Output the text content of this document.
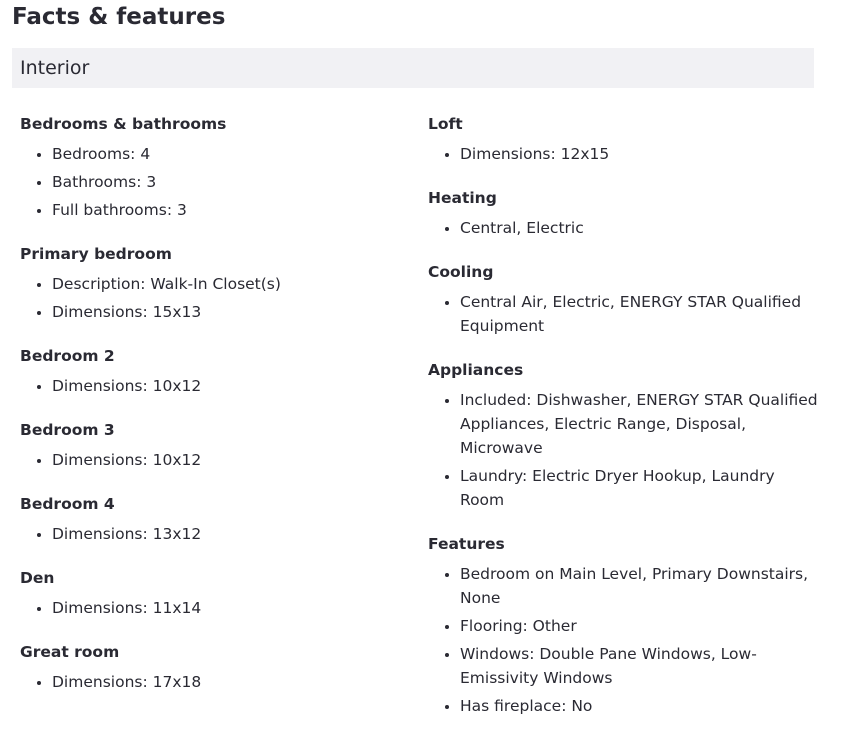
Facts & features
Interior
Bedrooms & bathrooms
• Bedrooms: 4
• Bathrooms: 3
• Full bathrooms: 3
Primary bedroom
• Description: Walk-In Closet(s)
• Dimensions: 15x13
Bedroom 2
• Dimensions: 10x12
Bedroom 3
• Dimensions: 10x12
Bedroom 4
• Dimensions: 13x12
Den
• Dimensions: 11x14
Great room
• Dimensions: 17x18
Loft
• Dimensions: 12x15
Heating
• Central, Electric
Cooling
• Central Air, Electric, ENERGY STAR Qualified Equipment
Appliances
• Included: Dishwasher, ENERGY STAR Qualified Appliances, Electric Range, Disposal, Microwave
• Laundry: Electric Dryer Hookup, Laundry Room
Features
• Bedroom on Main Level, Primary Downstairs, None
• Flooring: Other
• Windows: Double Pane Windows, Low-Emissivity Windows
• Has fireplace: No
